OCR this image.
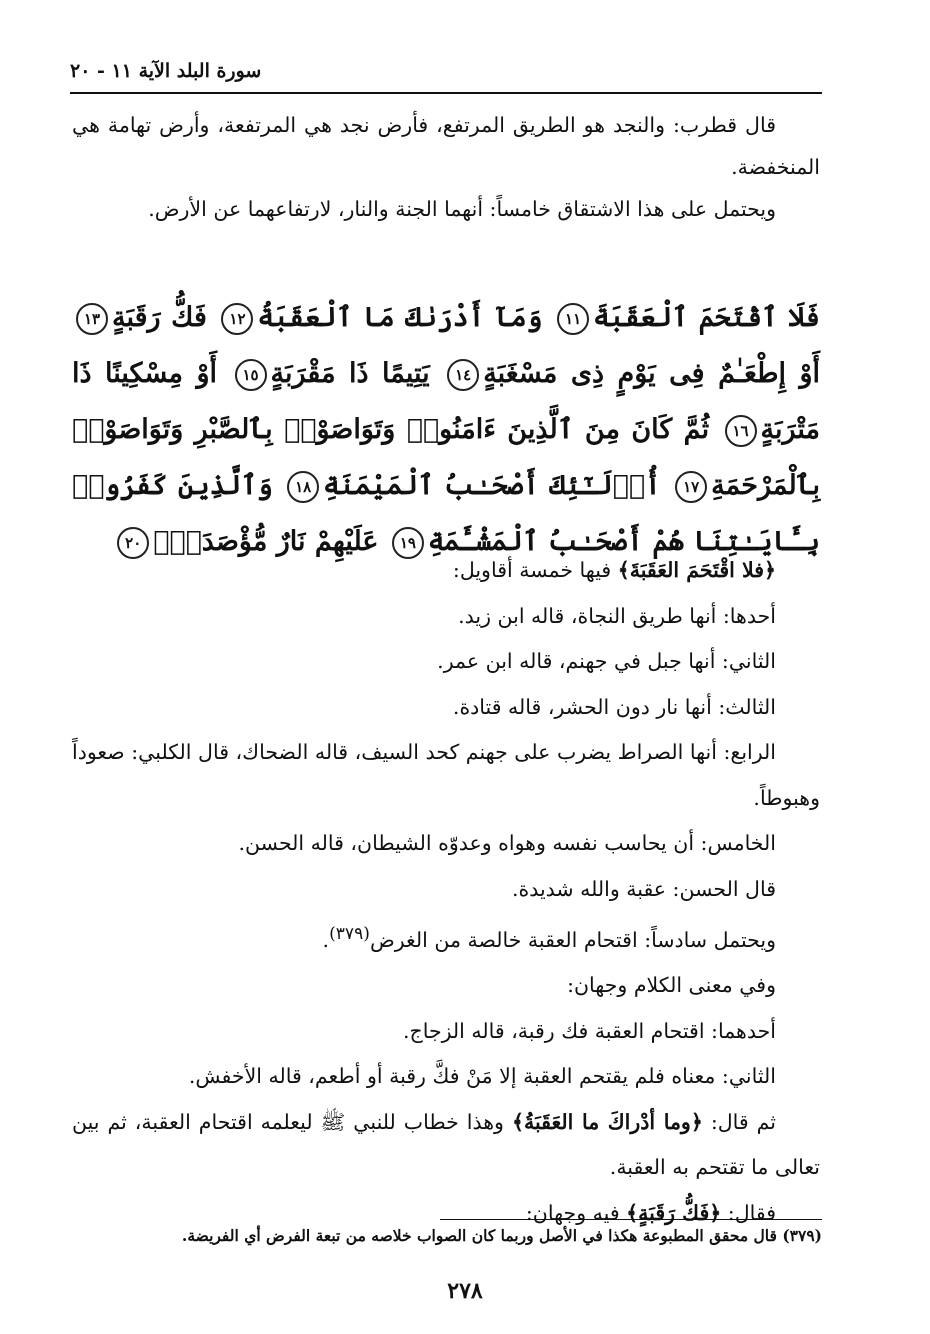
سورة البلد الآية ١١ - ٢٠

قال قطرب: والنجد هو الطريق المرتفع، فأرض نجد هي المرتفعة، وأرض تهامة هي المنخفضة.

ويحتمل على هذا الاشتقاق خامساً: أنهما الجنة والنار، لارتفاعهما عن الأرض.

فَلَا ٱقْتَحَمَ ٱلْعَقَبَةَ١١ وَمَآ أَدْرَىٰكَ مَا ٱلْعَقَبَةُ١٢ فَكُّ رَقَبَةٍ١٣ أَوْ إِطْعَـٰمٌ فِى يَوْمٍ ذِى مَسْغَبَةٍ١٤ يَتِيمًا ذَا مَقْرَبَةٍ١٥ أَوْ مِسْكِينًا ذَا مَتْرَبَةٍ١٦ ثُمَّ كَانَ مِنَ ٱلَّذِينَ ءَامَنُوا۟ وَتَوَاصَوْا۟ بِٱلصَّبْرِ وَتَوَاصَوْا۟ بِٱلْمَرْحَمَةِ١٧ أُو۟لَـٰٓئِكَ أَصْحَـٰبُ ٱلْمَيْمَنَةِ١٨ وَٱلَّذِينَ كَفَرُوا۟ بِـَٔايَـٰتِنَا هُمْ أَصْحَـٰبُ ٱلْمَشْـَٔمَةِ١٩ عَلَيْهِمْ نَارٌ مُّؤْصَدَةٌۢ٢٠

﴿فلا اقْتَحَمَ العَقَبَةَ﴾ فيها خمسة أقاويل:

أحدها: أنها طريق النجاة، قاله ابن زيد.

الثاني: أنها جبل في جهنم، قاله ابن عمر.

الثالث: أنها نار دون الحشر، قاله قتادة.

الرابع: أنها الصراط يضرب على جهنم كحد السيف، قاله الضحاك، قال الكلبي: صعوداً وهبوطاً.

الخامس: أن يحاسب نفسه وهواه وعدوّه الشيطان، قاله الحسن.

قال الحسن: عقبة والله شديدة.

ويحتمل سادساً: اقتحام العقبة خالصة من الغرض$^{(٣٧٩)}$.

وفي معنى الكلام وجهان:

أحدهما: اقتحام العقبة فك رقبة، قاله الزجاج.

الثاني: معناه فلم يقتحم العقبة إلا مَنْ فكَّ رقبة أو أطعم، قاله الأخفش.

ثم قال: ﴿وما أدْراكَ ما العَقَبَةُ﴾ وهذا خطاب للنبي ﷺ ليعلمه اقتحام العقبة، ثم بين تعالى ما تقتحم به العقبة.

فقال: ﴿فَكُّ رَقَبَةٍ﴾ فيه وجهان:

(٣٧٩) قال محقق المطبوعة هكذا في الأصل وربما كان الصواب خلاصه من تبعة الفرض أي الفريضة.
٢٧٨
